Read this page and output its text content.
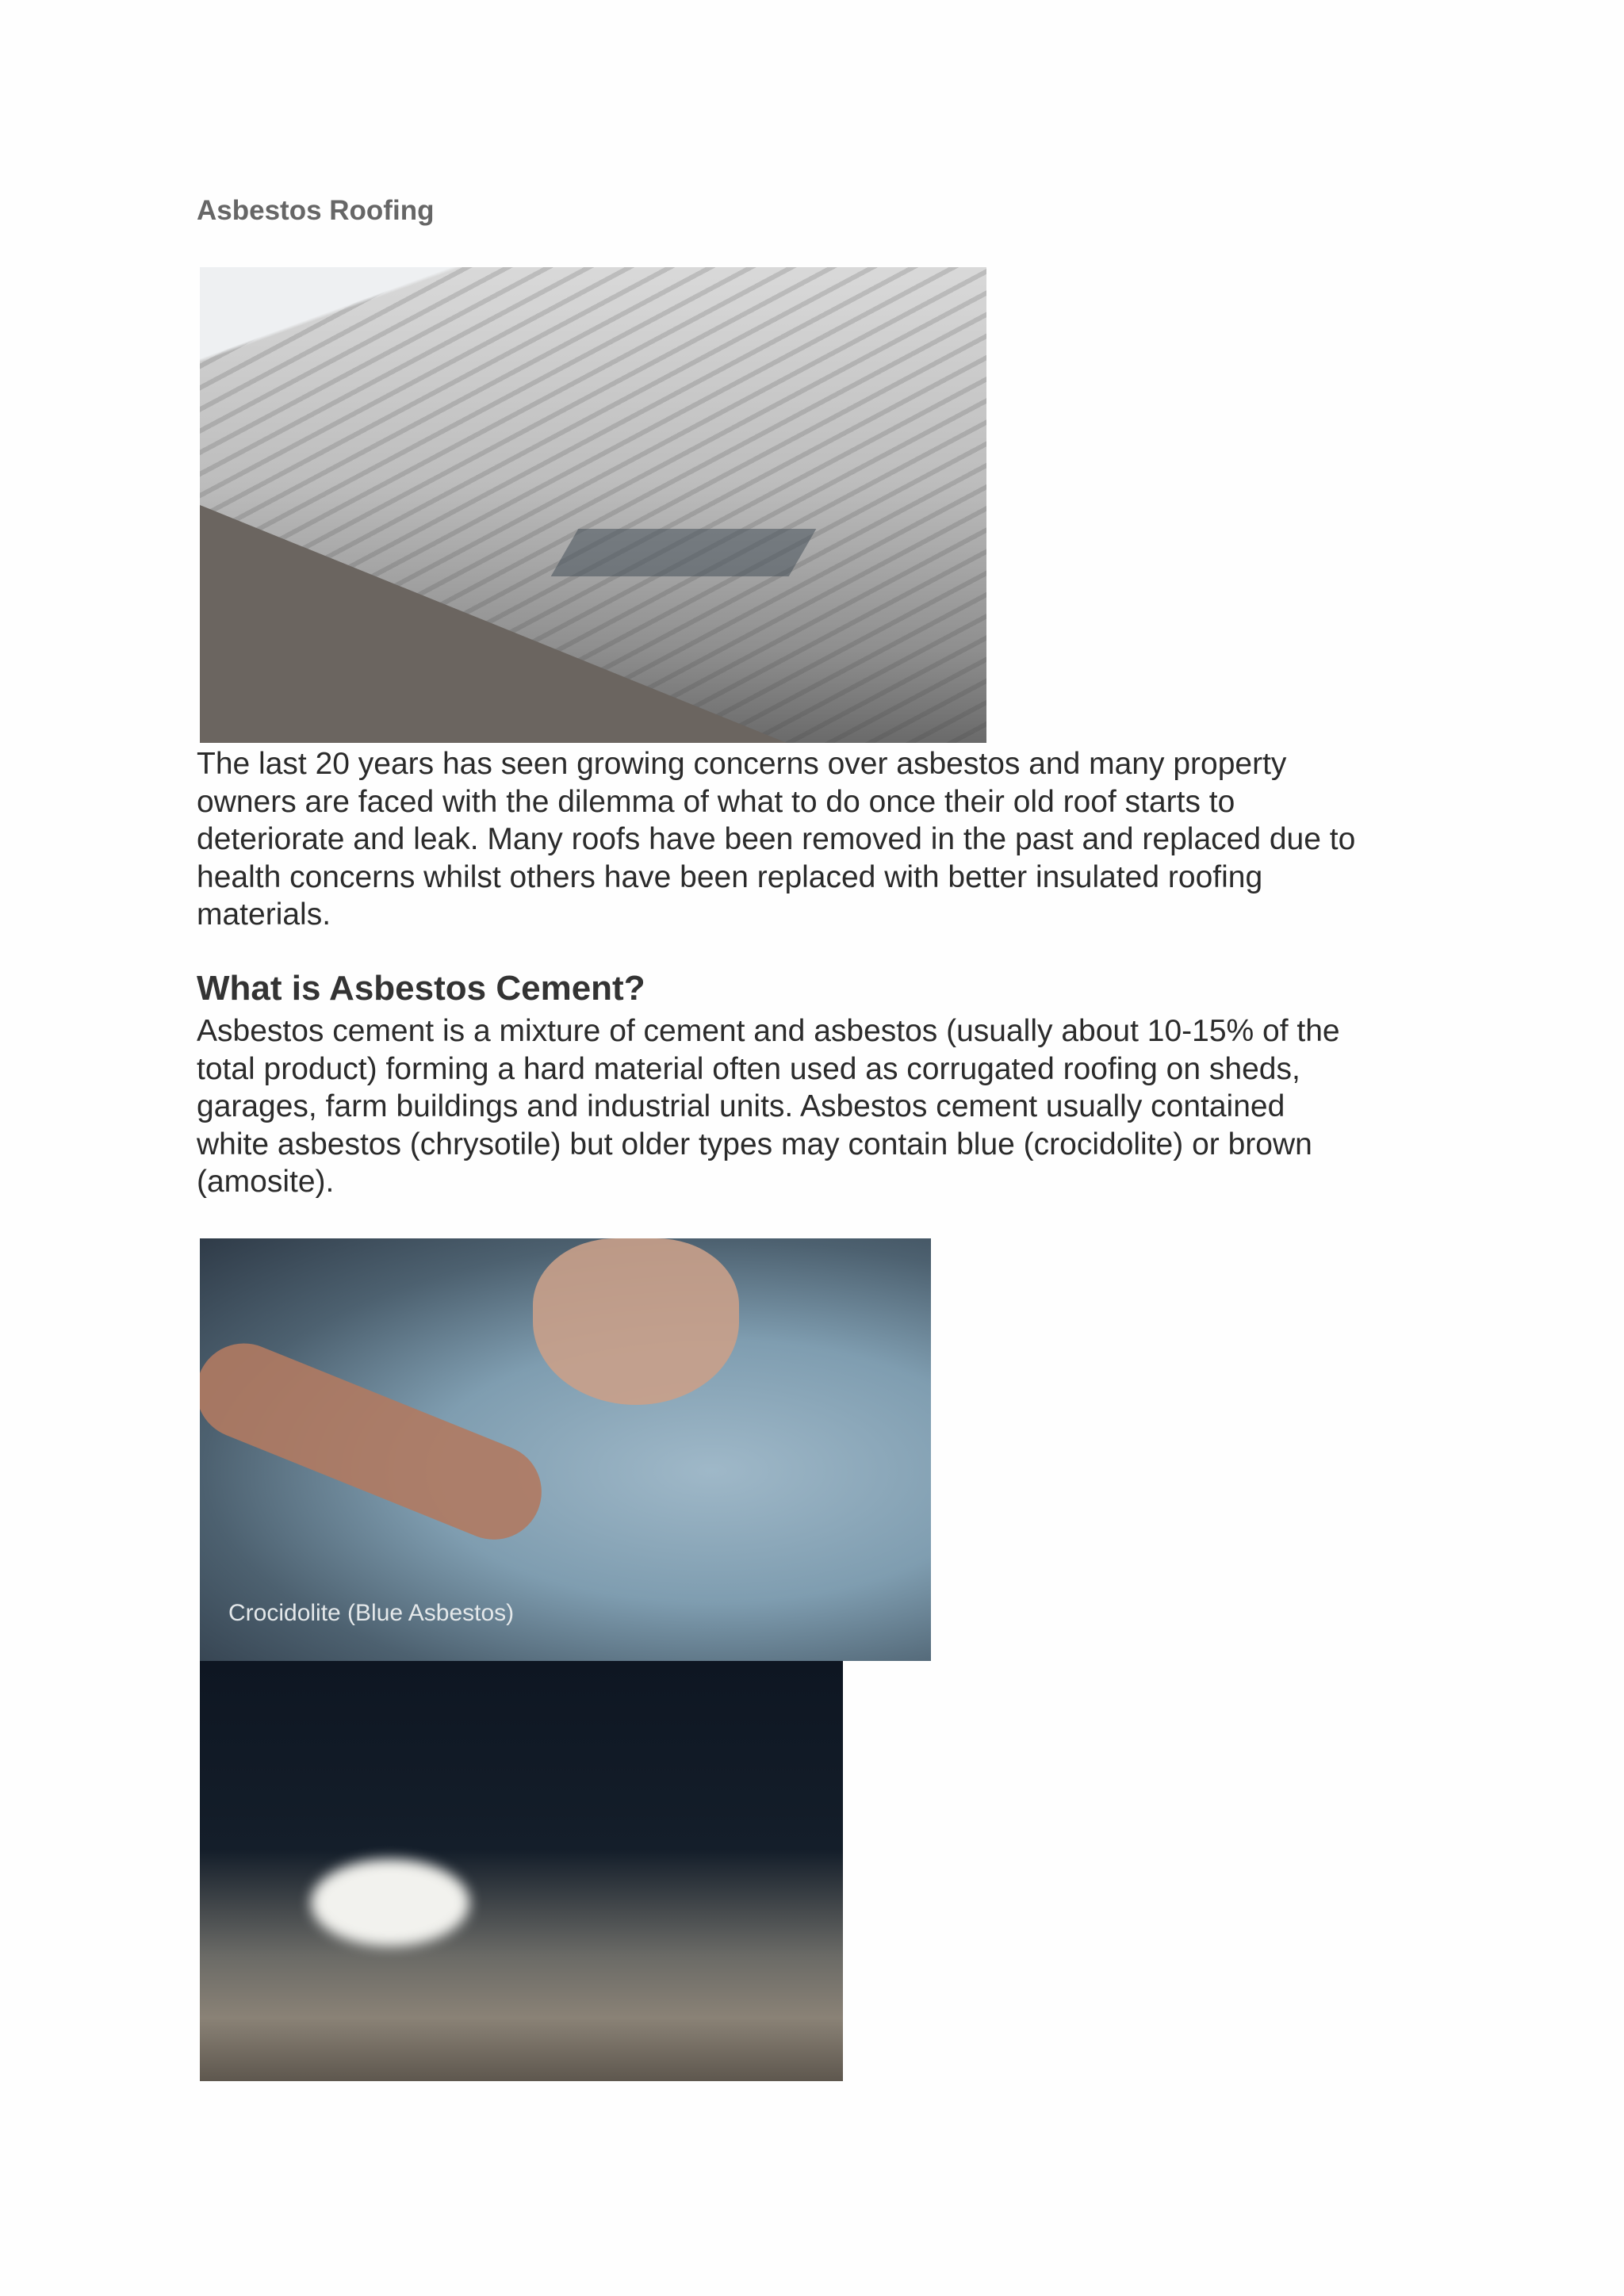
Asbestos Roofing
The last 20 years has seen growing concerns over asbestos and many property
owners are faced with the dilemma of what to do once their old roof starts to
deteriorate and leak. Many roofs have been removed in the past and replaced due to
health concerns whilst others have been replaced with better insulated roofing
materials.
What is Asbestos Cement?
Asbestos cement is a mixture of cement and asbestos (usually about 10-15% of the
total product) forming a hard material often used as corrugated roofing on sheds,
garages, farm buildings and industrial units. Asbestos cement usually contained
white asbestos (chrysotile) but older types may contain blue (crocidolite) or brown
(amosite).
Crocidolite (Blue Asbestos)
